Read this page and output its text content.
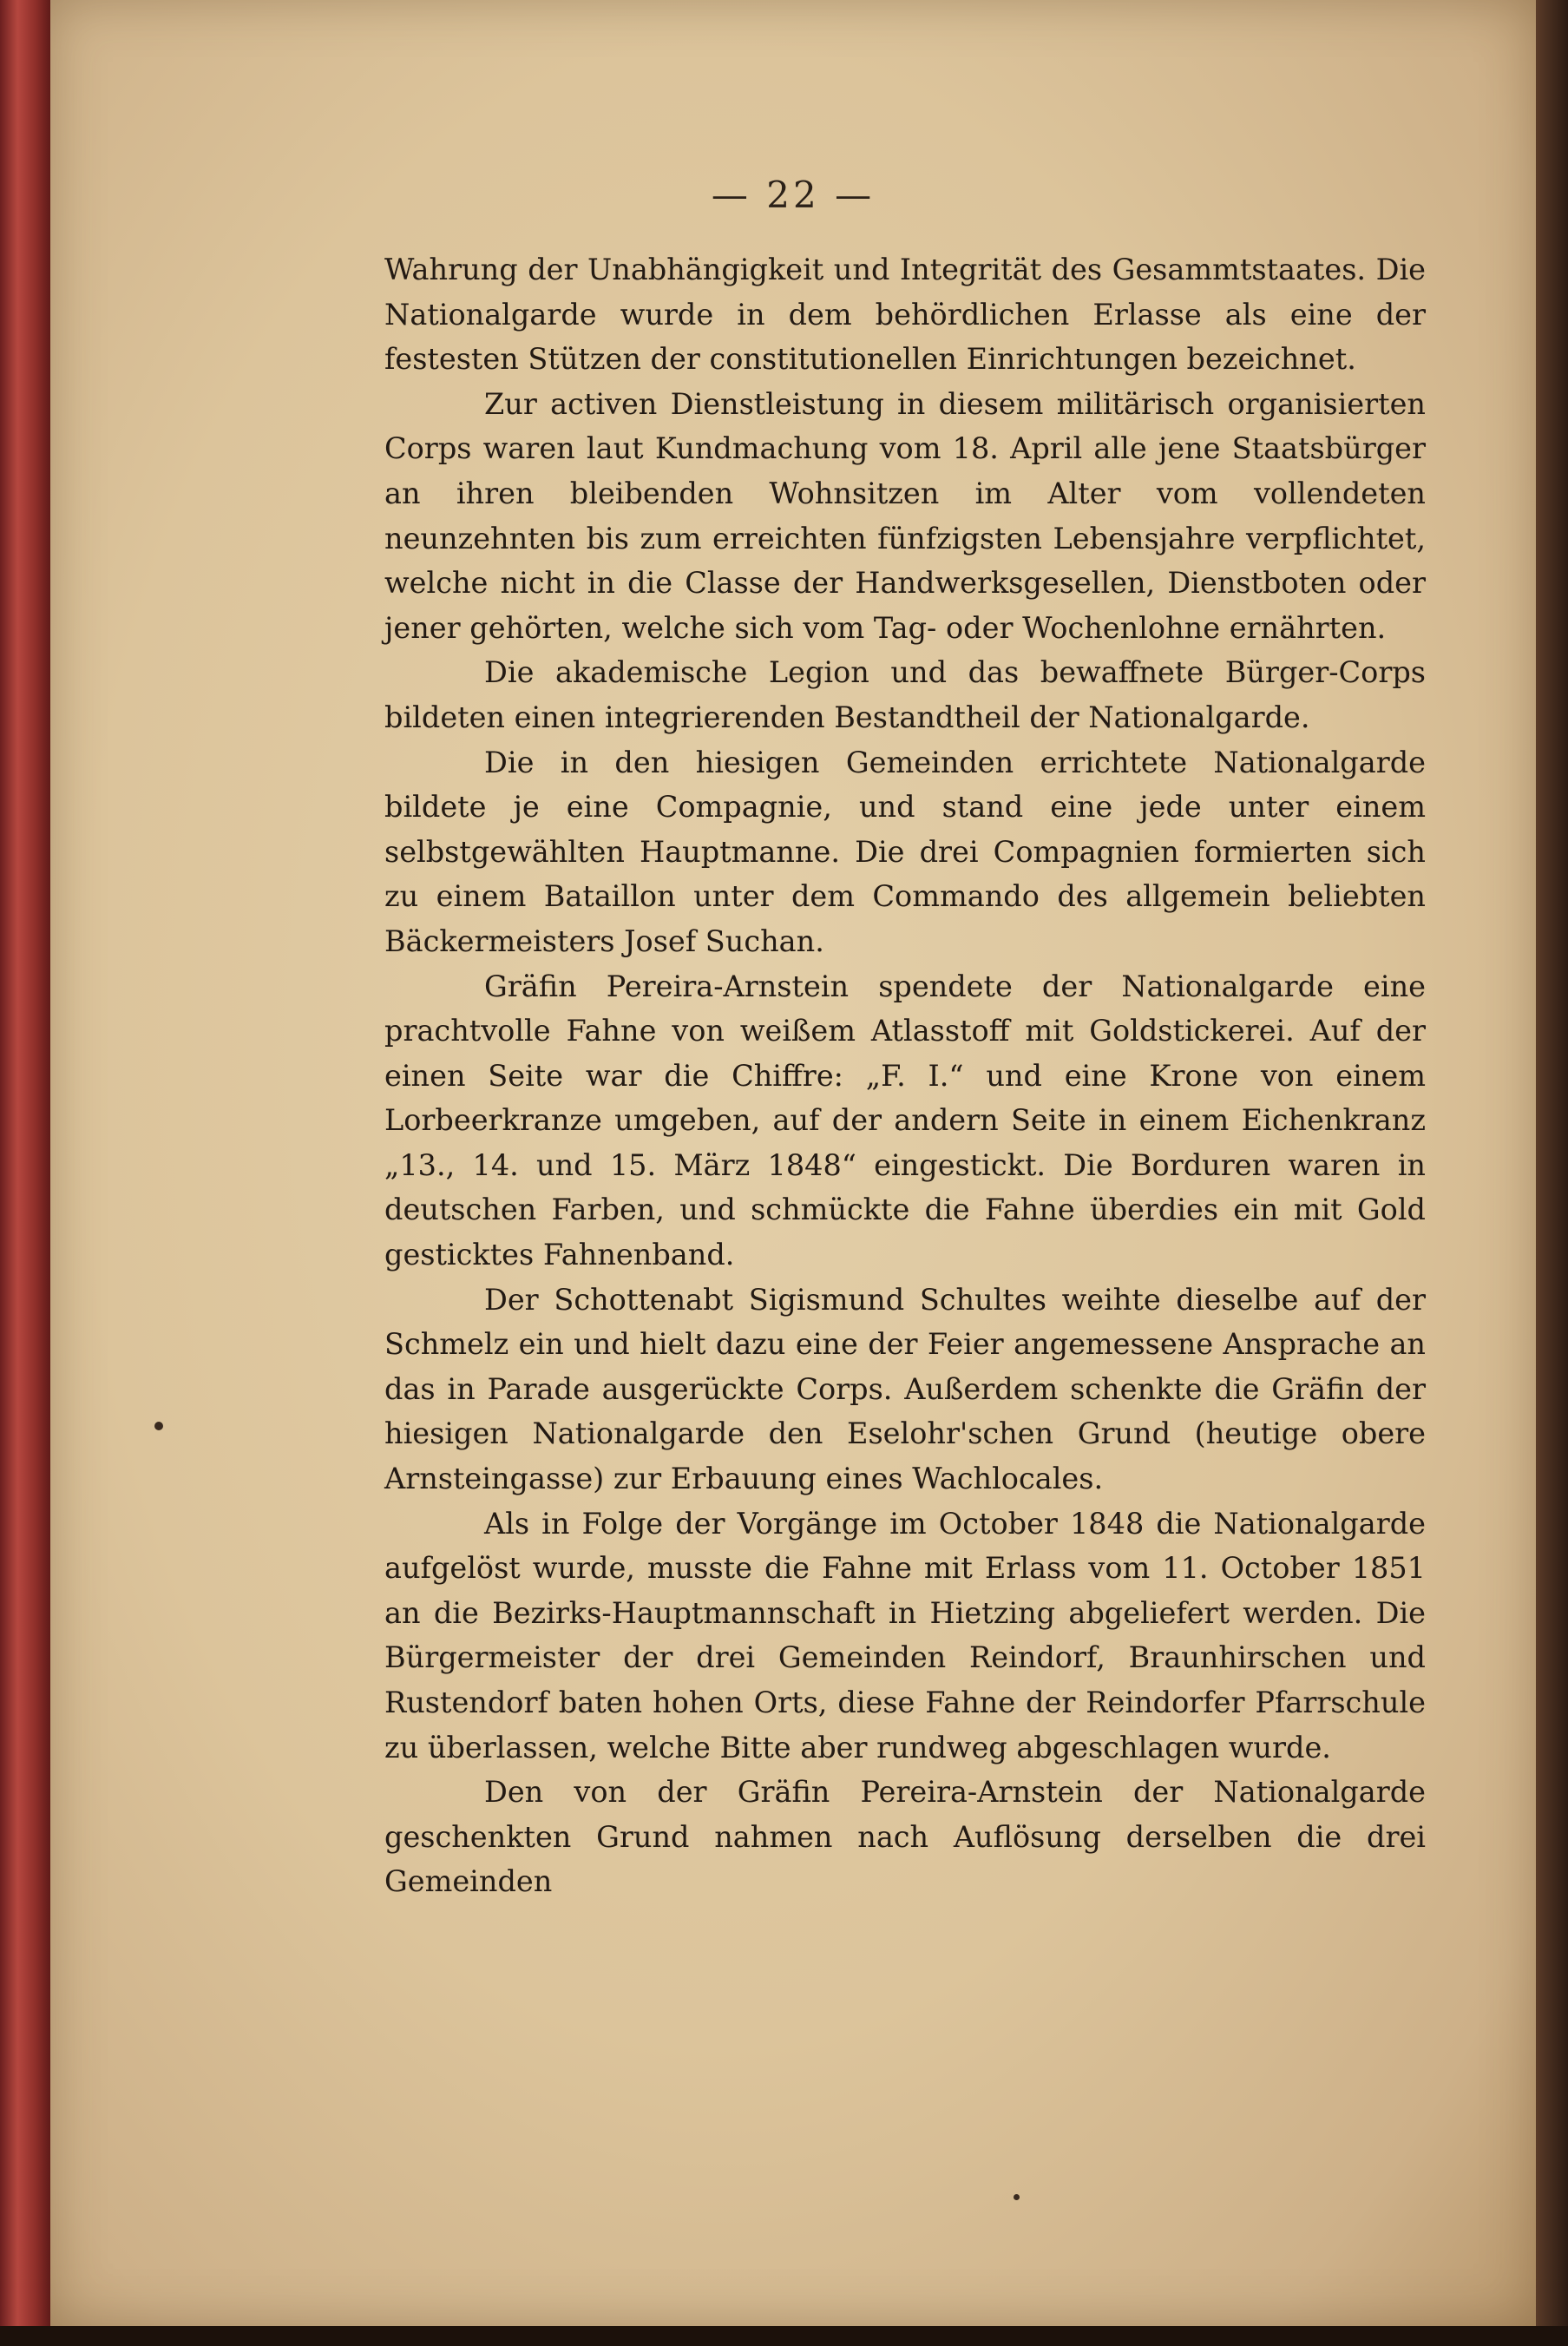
— 22 —

Wahrung der Unabhängigkeit und Integrität des Gesammtstaates. Die Nationalgarde wurde in dem behördlichen Erlasse als eine der festesten Stützen der constitutionellen Einrichtungen bezeichnet.

Zur activen Dienstleistung in diesem militärisch organisierten Corps waren laut Kundmachung vom 18. April alle jene Staatsbürger an ihren bleibenden Wohnsitzen im Alter vom vollendeten neunzehnten bis zum erreichten fünfzigsten Lebensjahre verpflichtet, welche nicht in die Classe der Handwerksgesellen, Dienstboten oder jener gehörten, welche sich vom Tag- oder Wochenlohne ernährten.

Die akademische Legion und das bewaffnete Bürger-Corps bildeten einen integrierenden Bestandtheil der Nationalgarde.

Die in den hiesigen Gemeinden errichtete Nationalgarde bildete je eine Compagnie, und stand eine jede unter einem selbstgewählten Hauptmanne. Die drei Compagnien formierten sich zu einem Bataillon unter dem Commando des allgemein beliebten Bäckermeisters Josef Suchan.

Gräfin Pereira-Arnstein spendete der Nationalgarde eine prachtvolle Fahne von weißem Atlasstoff mit Goldstickerei. Auf der einen Seite war die Chiffre: „F. I.“ und eine Krone von einem Lorbeerkranze umgeben, auf der andern Seite in einem Eichenkranz „13., 14. und 15. März 1848“ eingestickt. Die Borduren waren in deutschen Farben, und schmückte die Fahne überdies ein mit Gold gesticktes Fahnenband.

Der Schottenabt Sigismund Schultes weihte dieselbe auf der Schmelz ein und hielt dazu eine der Feier angemessene Ansprache an das in Parade ausgerückte Corps. Außerdem schenkte die Gräfin der hiesigen Nationalgarde den Eselohr'schen Grund (heutige obere Arnsteingasse) zur Erbauung eines Wachlocales.

Als in Folge der Vorgänge im October 1848 die Nationalgarde aufgelöst wurde, musste die Fahne mit Erlass vom 11. October 1851 an die Bezirks-Hauptmannschaft in Hietzing abgeliefert werden. Die Bürgermeister der drei Gemeinden Reindorf, Braunhirschen und Rustendorf baten hohen Orts, diese Fahne der Reindorfer Pfarrschule zu überlassen, welche Bitte aber rundweg abgeschlagen wurde.

Den von der Gräfin Pereira-Arnstein der Nationalgarde geschenkten Grund nahmen nach Auflösung derselben die drei Gemeinden
